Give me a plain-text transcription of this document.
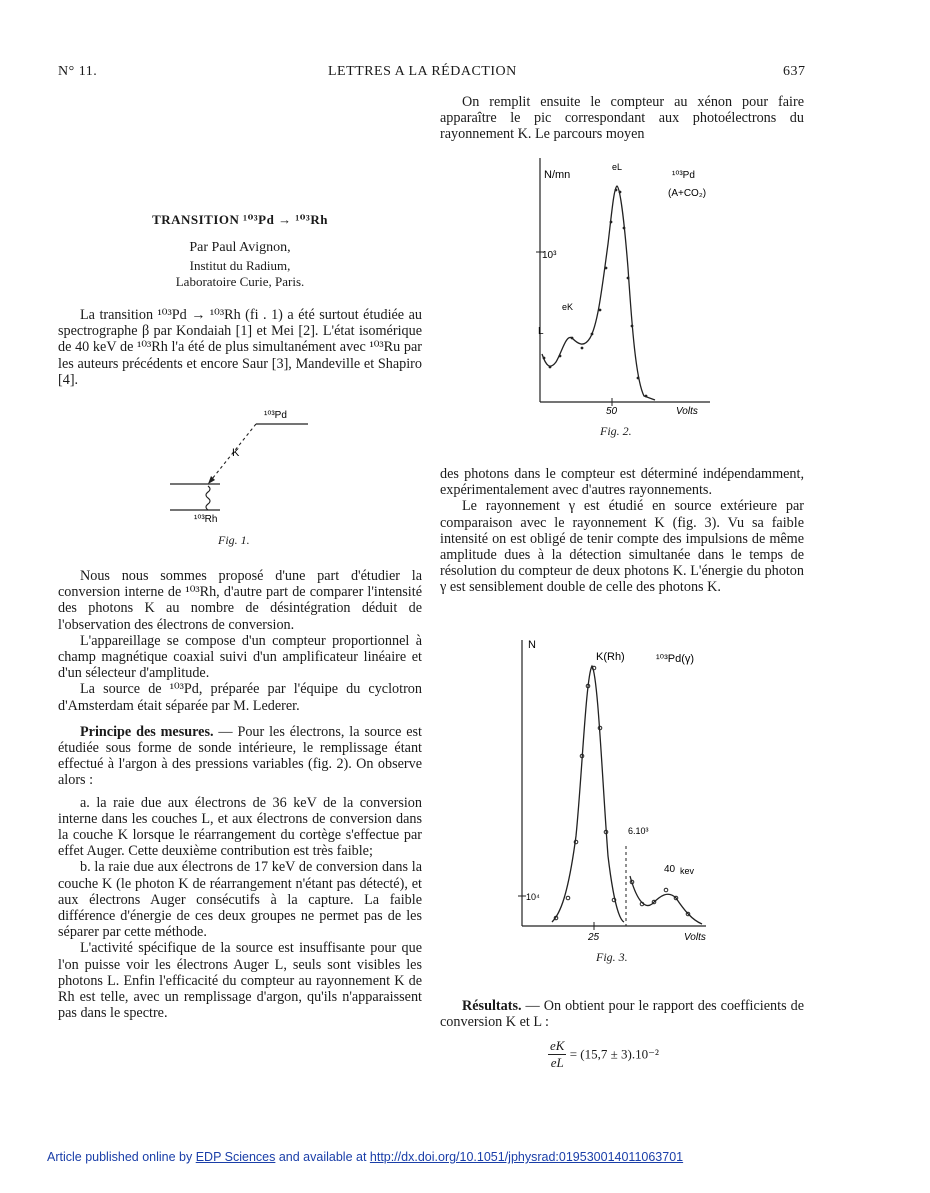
N° 11.	LETTRES A LA RÉDACTION	637
TRANSITION ¹⁰³Pd → ¹⁰³Rh
Par Paul Avignon,
Institut du Radium,
Laboratoire Curie, Paris.

La transition ¹⁰³Pd → ¹⁰³Rh (fi . 1) a été surtout étudiée au spectrographe β par Kondaiah [1] et Mei [2]. L'état isomérique de 40 keV de ¹⁰³Rh l'a été de plus simultanément avec ¹⁰³Ru par les auteurs précédents et encore Saur [3], Mandeville et Shapiro [4].

¹⁰³Pd
K
¹⁰³Rh
Fig. 1.

Nous nous sommes proposé d'une part d'étudier la conversion interne de ¹⁰³Rh, d'autre part de comparer l'intensité des photons K au nombre de désintégration déduit de l'observation des électrons de conversion.

L'appareillage se compose d'un compteur proportionnel à champ magnétique coaxial suivi d'un amplificateur linéaire et d'un sélecteur d'amplitude.

La source de ¹⁰³Pd, préparée par l'équipe du cyclotron d'Amsterdam était séparée par M. Lederer.

Principe des mesures. — Pour les électrons, la source est étudiée sous forme de sonde intérieure, le remplissage étant effectué à l'argon à des pressions variables (fig. 2). On observe alors :

a. la raie due aux électrons de 36 keV de la conversion interne dans les couches L, et aux électrons de conversion dans la couche K lorsque le réarrangement du cortège s'effectue par effet Auger. Cette deuxième contribution est très faible;

b. la raie due aux électrons de 17 keV de conversion dans la couche K (le photon K de réarrangement n'étant pas détecté), et aux électrons Auger consécutifs à la capture. La faible différence d'énergie de ces deux groupes ne permet pas de les séparer par cette méthode.

L'activité spécifique de la source est insuffisante pour que l'on puisse voir les électrons Auger L, seuls sont visibles les photons L. Enfin l'efficacité du compteur au rayonnement K de Rh est telle, avec un remplissage d'argon, qu'ils n'apparaissent pas dans le spectre.

On remplit ensuite le compteur au xénon pour faire apparaître le pic correspondant aux photoélectrons du rayonnement K. Le parcours moyen

N/mn
10³
50	Volts
¹⁰³Pd
(A+CO₂)
L
eK
eL
Fig. 2.

des photons dans le compteur est déterminé indépendamment, expérimentalement avec d'autres rayonnements.

Le rayonnement γ est étudié en source extérieure par comparaison avec le rayonnement K (fig. 3). Vu sa faible intensité on est obligé de tenir compte des impulsions de même amplitude dues à la détection simultanée dans le temps de résolution du compteur de deux photons K. L'énergie du photon γ est sensiblement double de celle des photons K.

N
10⁴
25	Volts
K(Rh)	¹⁰³Pd(γ)
6.10³
40 kev
Fig. 3.

Résultats. — On obtient pour le rapport des coefficients de conversion K et L :

$\frac{eK}{eL} = (15,7 \pm 3).10^{-2}$
Article published online by EDP Sciences and available at http://dx.doi.org/10.1051/jphysrad:019530014011063701
